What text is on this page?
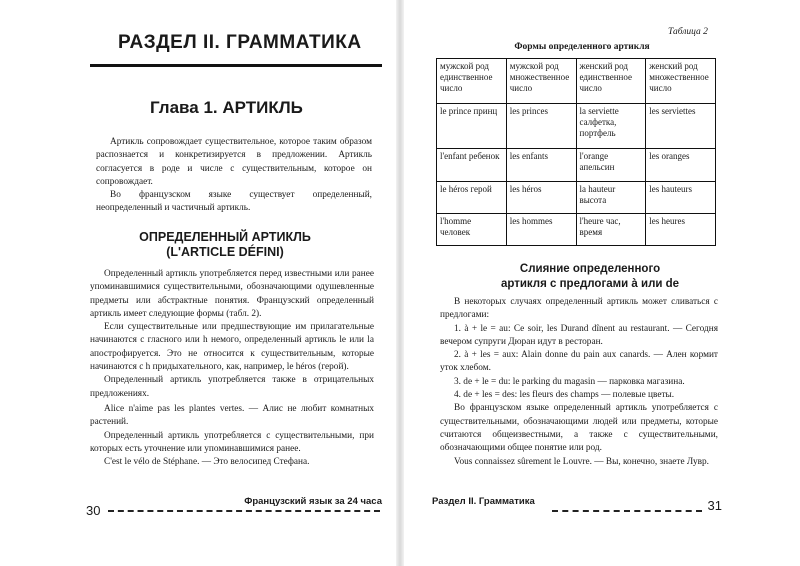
РАЗДЕЛ II. ГРАММАТИКА
Глава 1. АРТИКЛЬ

Артикль сопровождает существительное, которое таким образом распознается и конкретизируется в предложении. Артикль согласуется в роде и числе с существительным, которое он сопровождает.

Во французском языке существует определенный, неопределенный и частичный артикль.

ОПРЕДЕЛЕННЫЙ АРТИКЛЬ
(L'ARTICLE DÉFINI)

Определенный артикль употребляется перед известными или ранее упоминавшимися существительными, обозначающими одушевленные предметы или абстрактные понятия. Французский определенный артикль имеет следующие формы (табл. 2).

Если существительные или предшествующие им прилагательные начинаются с гласного или h немого, определенный артикль le или la апострофируется. Это не относится к существительным, которые начинаются с h придыхательного, как, например, le héros (герой).

Определенный артикль употребляется также в отрицательных предложениях.

Alice n'aime pas les plantes vertes. — Алис не любит комнатных растений.

Определенный артикль употребляется с существительными, при которых есть уточнение или упоминавшимися ранее.

C'est le vélo de Stéphane. — Это велосипед Стефана.

30
Французский язык за 24 часа
Таблица 2
Формы определенного артикля
мужской род единственное число	мужской род множественное число	женский род единственное число	женский род множественное число
le prince принц	les princes	la serviette салфетка, портфель	les serviettes
l'enfant ребенок	les enfants	l'orange апельсин	les oranges
le héros герой	les héros	la hauteur высота	les hauteurs
l'homme человек	les hommes	l'heure час, время	les heures
Слияние определенного
артикля с предлогами à или de

В некоторых случаях определенный артикль может сливаться с предлогами:

1. à + le = au: Ce soir, les Durand dînent au restaurant. — Сегодня вечером супруги Дюран идут в ресторан.

2. à + les = aux: Alain donne du pain aux canards. — Ален кормит уток хлебом.

3. de + le = du: le parking du magasin — парковка магазина.

4. de + les = des: les fleurs des champs — полевые цветы.

Во французском языке определенный артикль употребляется с существительными, обозначающими людей или предметы, которые считаются общеизвестными, а также с существительными, обозначающими общее понятие или род.

Vous connaissez sûrement le Louvre. — Вы, конечно, знаете Лувр.

Раздел II. Грамматика	31
